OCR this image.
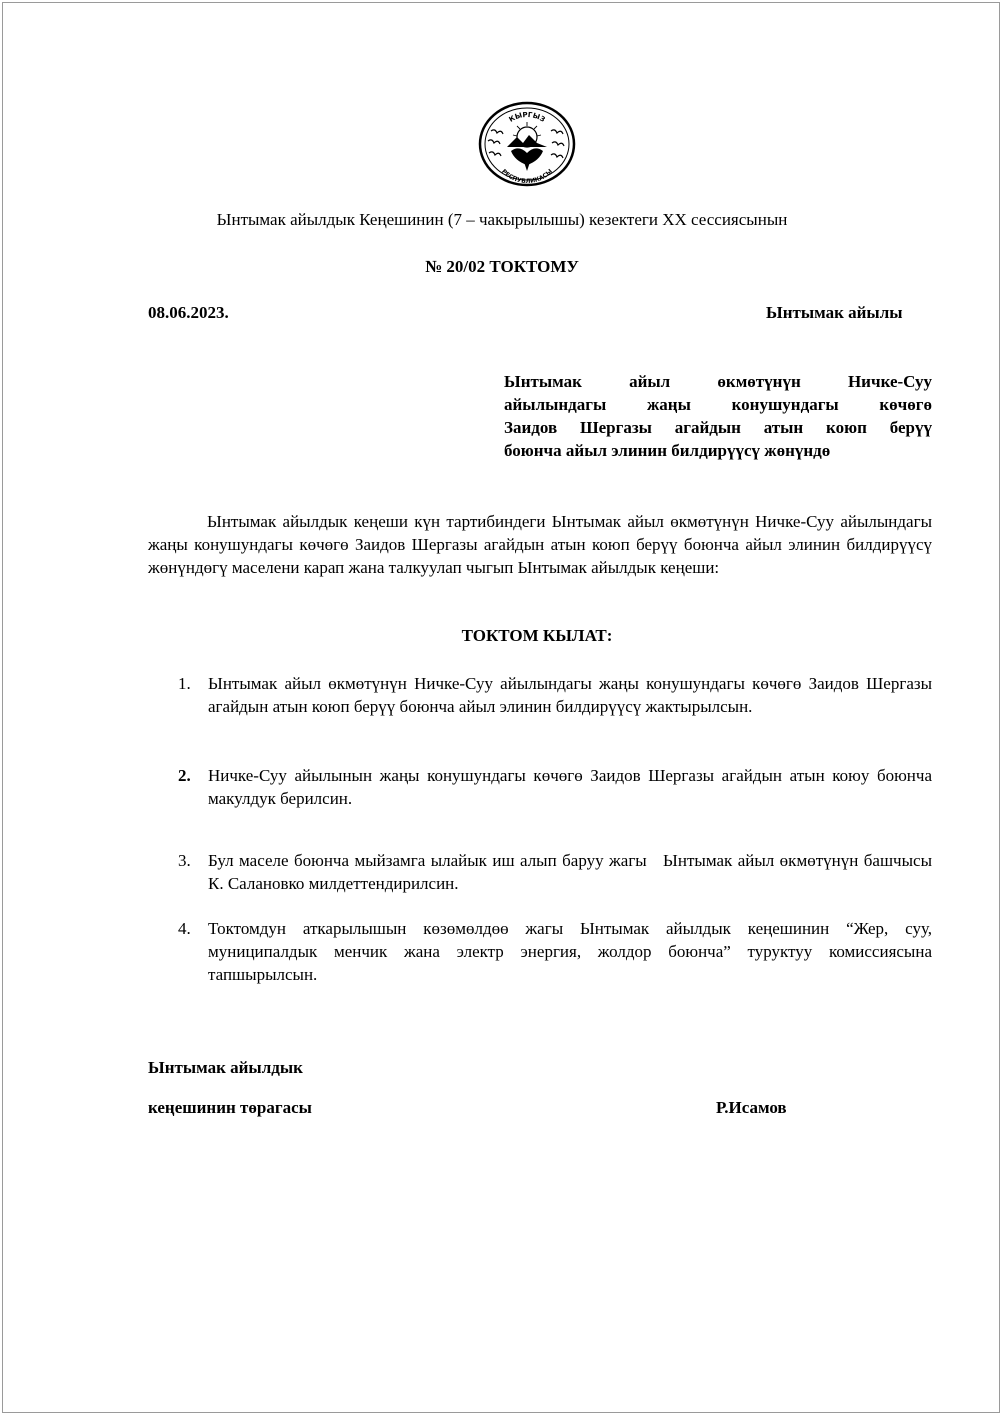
КЫРГЫЗ
РЕСПУБЛИКАСЫ
Ынтымак айылдык Кеңешинин (7 – чакырылышы) кезектеги XX сессиясынын
№ 20/02 ТОКТОМУ
08.06.2023.	Ынтымак айылы
Ынтымак айыл өкмөтүнүн Ничке-Суу
айылындагы жаңы конушундагы көчөгө
Заидов Шергазы агайдын атын коюп берүү
боюнча айыл элинин билдирүүсү жөнүндө
Ынтымак айылдык кеңеши күн тартибиндеги Ынтымак айыл өкмөтүнүн Ничке-Суу айылындагы жаңы конушундагы көчөгө Заидов Шергазы агайдын атын коюп берүү боюнча айыл элинин билдирүүсү жөнүндөгү маселени карап жана талкуулап чыгып Ынтымак айылдык кеңеши:
ТОКТОМ КЫЛАТ:
1. Ынтымак айыл өкмөтүнүн Ничке-Суу айылындагы жаңы конушундагы көчөгө Заидов Шергазы агайдын атын коюп берүү боюнча айыл элинин билдирүүсү жактырылсын.
2. Ничке-Суу айылынын жаңы конушундагы көчөгө Заидов Шергазы агайдын атын коюу боюнча макулдук берилсин.
3. Бул маселе боюнча мыйзамга ылайык иш алып баруу жагы   Ынтымак айыл өкмөтүнүн башчысы К. Салановко милдеттендирилсин.
4. Токтомдун аткарылышын көзөмөлдөө жагы Ынтымак айылдык кеңешинин “Жер, суу, муниципалдык менчик жана электр энергия, жолдор боюнча” туруктуу комиссиясына тапшырылсын.
Ынтымак айылдык
кеңешинин төрагасы	Р.Исамов
